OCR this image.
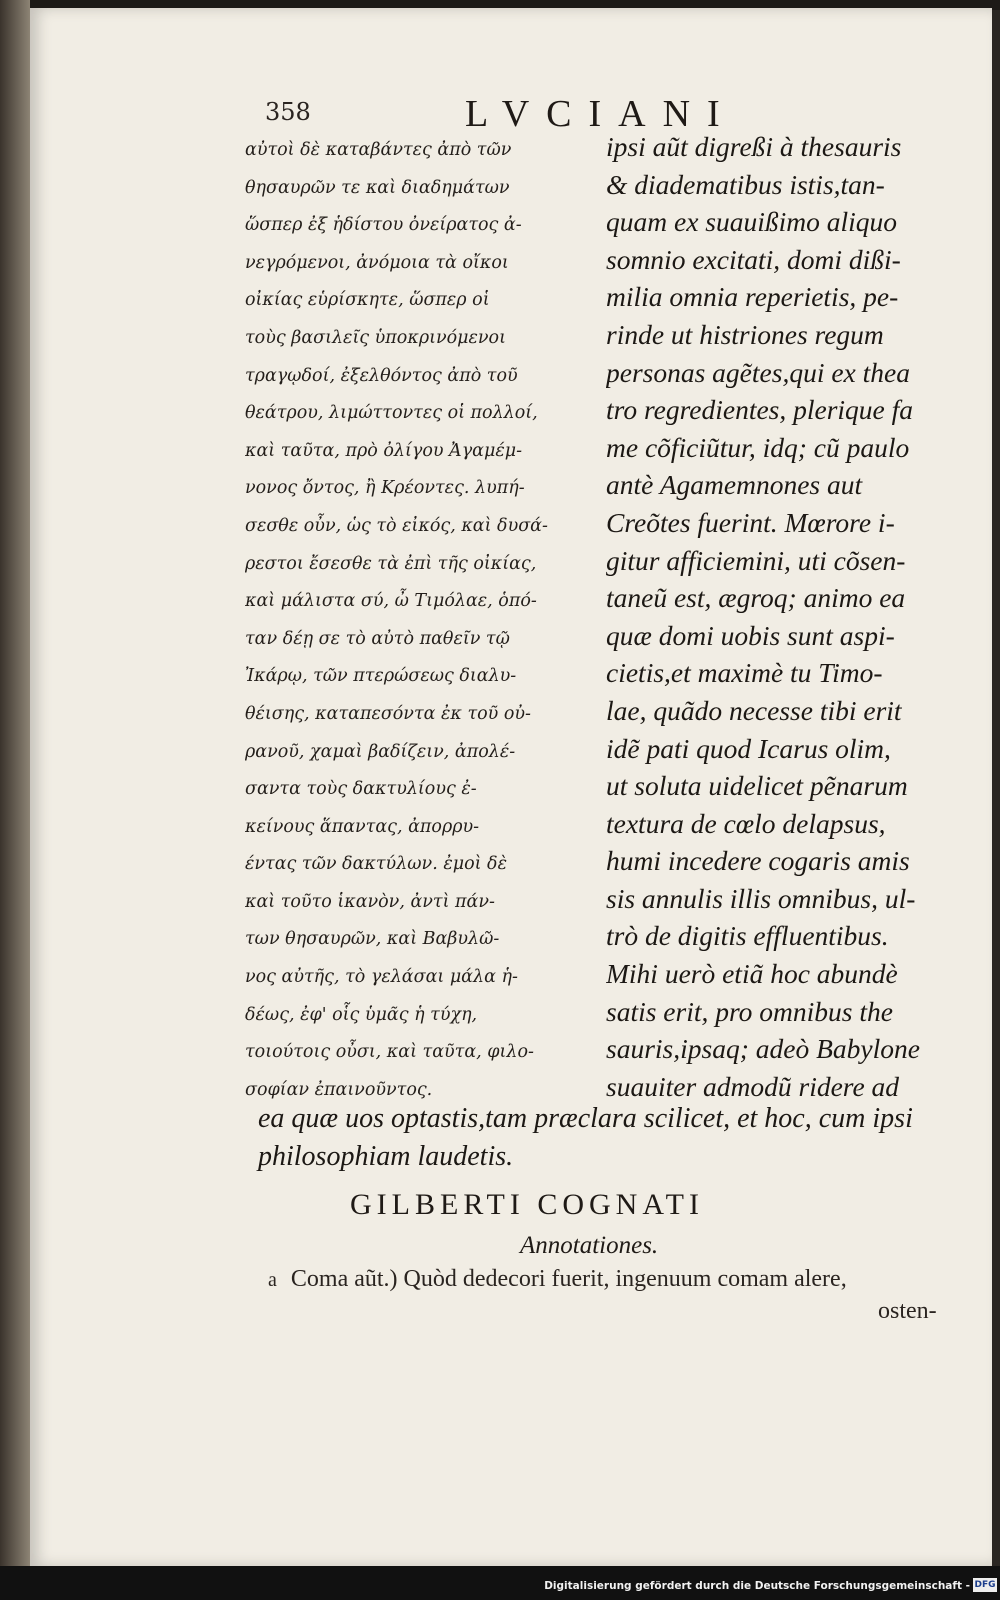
358	LVCIANI
αὐτοὶ δὲ καταβάντες ἀπὸ τῶν
θησαυρῶν τε καὶ διαδημάτων
ὥσπερ ἐξ ἡδίστου ὀνείρατος ἀ-
νεγρόμενοι, ἀνόμοια τὰ οἴκοι
οἰκίας εὑρίσκητε, ὥσπερ οἱ
τοὺς βασιλεῖς ὑποκρινόμενοι
τραγῳδοί, ἐξελθόντος ἀπὸ τοῦ
θεάτρου, λιμώττοντες οἱ πολλοί,
καὶ ταῦτα, πρὸ ὀλίγου Ἀγαμέμ-
νονος ὄντος, ἢ Κρέοντες. λυπή-
σεσθε οὖν, ὡς τὸ εἰκός, καὶ δυσά-
ρεστοι ἔσεσθε τὰ ἐπὶ τῆς οἰκίας,
καὶ μάλιστα σύ, ὦ Τιμόλαε, ὁπό-
ταν δέῃ σε τὸ αὐτὸ παθεῖν τῷ
Ἰκάρῳ, τῶν πτερώσεως διαλυ-
θέισης, καταπεσόντα ἐκ τοῦ οὐ-
ρανοῦ, χαμαὶ βαδίζειν, ἀπολέ-
σαντα τοὺς δακτυλίους ἐ-
κείνους ἅπαντας, ἀπορρυ-
έντας τῶν δακτύλων. ἐμοὶ δὲ
καὶ τοῦτο ἱκανὸν, ἀντὶ πάν-
των θησαυρῶν, καὶ Βαβυλῶ-
νος αὐτῆς, τὸ γελάσαι μάλα ἡ-
δέως, ἐφ' οἷς ὑμᾶς ἡ τύχη,
τοιούτοις οὖσι, καὶ ταῦτα, φιλο-
σοφίαν ἐπαινοῦντος.
ipsi aũt digreßi à thesauris
& diadematibus istis,tan-
quam ex suauißimo aliquo
somnio excitati, domi dißi-
milia omnia reperietis, pe-
rinde ut histriones regum
personas agẽtes,qui ex thea
tro regredientes, plerique fa
me cõficiũtur, idq; cũ paulo
antè Agamemnones aut
Creõtes fuerint. Mœrore i-
gitur afficiemini, uti cõsen-
taneũ est, ægroq; animo ea
quæ domi uobis sunt aspi-
cietis,et maximè tu Timo-
lae, quãdo necesse tibi erit
idẽ pati quod Icarus olim,
ut soluta uidelicet pẽnarum
textura de cœlo delapsus,
humi incedere cogaris amis
sis annulis illis omnibus, ul-
trò de digitis effluentibus.
Mihi uerò etiã hoc abundè
satis erit, pro omnibus the
sauris,ipsaq; adeò Babylone
suauiter admodũ ridere ad
ea quæ uos optastis,tam præclara scilicet, et hoc, cum ipsi
philosophiam laudetis.
GILBERTI COGNATI
Annotationes.
a Coma aũt.) Quòd dedecori fuerit, ingenuum comam alere,
osten-
Digitalisierung gefördert durch die Deutsche Forschungsgemeinschaft - DFG
